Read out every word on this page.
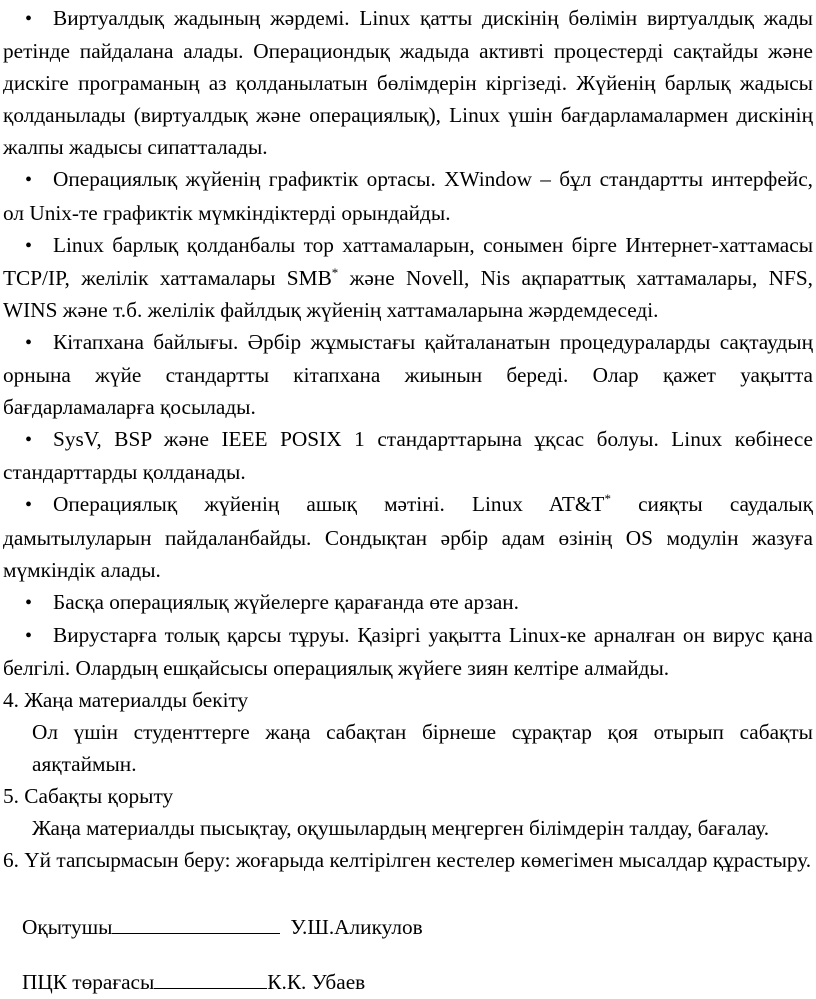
• Виртуалдық жадының жәрдемі. Linux қатты дискінің бөлімін виртуалдық жады ретінде пайдалана алады. Операциондық жадыда активті процестерді сақтайды және дискіге програманың аз қолданылатын бөлімдерін кіргізеді. Жүйенің барлық жадысы қолданылады (виртуалдық және операциялық), Linux үшін бағдарламалармен дискінің жалпы жадысы сипатталады.

• Операциялық жүйенің графиктік ортасы. XWindow – бұл стандартты интерфейс, ол Unix-те графиктік мүмкіндіктерді орындайды.

• Linux барлық қолданбалы тор хаттамаларын, сонымен бірге Интернет-хаттамасы TCP/IP, желілік хаттамалары SMB* және Novell, Nis ақпараттық хаттамалары, NFS, WINS және т.б. желілік файлдық жүйенің хаттамаларына жәрдемдеседі.

• Кітапхана байлығы. Әрбір жұмыстағы қайталанатын процедураларды сақтаудың орнына жүйе стандартты кітапхана жиынын береді. Олар қажет уақытта бағдарламаларға қосылады.

• SysV, BSP және IEEE POSIX 1 стандарттарына ұқсас болуы. Linux көбінесе стандарттарды қолданады.

• Операциялық жүйенің ашық мәтіні. Linux AT&T* сияқты саудалық дамытылуларын пайдаланбайды. Сондықтан әрбір адам өзінің OS модулін жазуға мүмкіндік алады.

• Басқа операциялық жүйелерге қарағанда өте арзан.

• Вирустарға толық қарсы тұруы. Қазіргі уақытта Linux-ке арналған он вирус қана белгілі. Олардың ешқайсысы операциялық жүйеге зиян келтіре алмайды.

4. Жаңа материалды бекіту

Ол үшін студенттерге жаңа сабақтан бірнеше сұрақтар қоя отырып сабақты аяқтаймын.

5. Сабақты қорыту

Жаңа материалды пысықтау, оқушылардың меңгерген білімдерін талдау, бағалау.

6. Үй тапсырмасын беру: жоғарыда келтірілген кестелер көмегімен мысалдар құрастыру.

Оқытушы	У.Ш.Аликулов
ПЦК төрағасы	К.К. Убаев
